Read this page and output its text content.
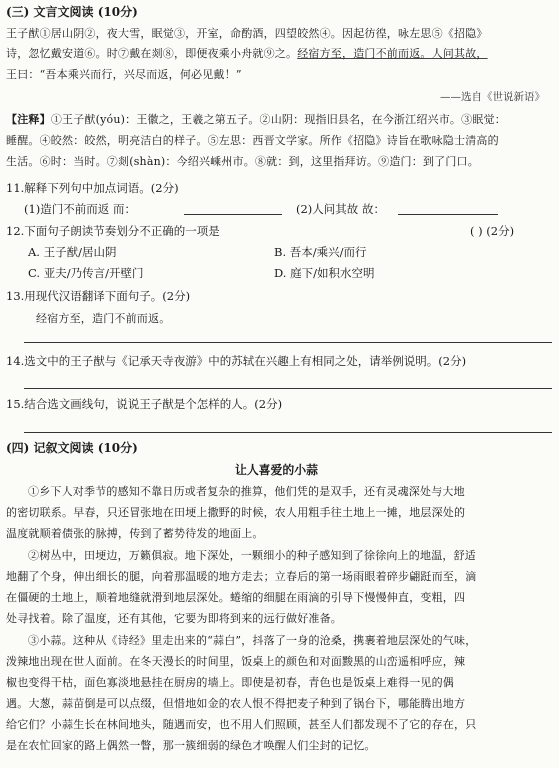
(三) 文言文阅读 (10分)
王子猷①居山阴②，夜大雪，眠觉③，开室，命酌酒，四望皎然④。因起彷徨，咏左思⑤《招隐》
诗，忽忆戴安道⑥。时⑦戴在剡⑧，即便夜乘小舟就⑨之。经宿方至，造门不前而返。人问其故，
王曰：“吾本乘兴而行，兴尽而返，何必见戴！”
——选自《世说新语》
【注释】①王子猷(yóu)：王徽之，王羲之第五子。②山阴：现指旧县名，在今浙江绍兴市。③眠觉：
睡醒。④皎然：皎然，明亮洁白的样子。⑤左思：西晋文学家。所作《招隐》诗旨在歌咏隐士清高的
生活。⑥时：当时。⑦剡(shàn)：今绍兴嵊州市。⑧就：到，这里指拜访。⑨造门：到了门口。
11.解释下列句中加点词语。(2分)
(1)造门不前而返 而：	(2)人问其故 故：
12.下面句子朗读节奏划分不正确的一项是	( ) (2分)
A. 王子猷/居山阴	B. 吾本/乘兴/而行
C. 亚夫/乃传言/开壁门	D. 庭下/如积水空明
13.用现代汉语翻译下面句子。(2分)
经宿方至，造门不前而返。
14.选文中的王子猷与《记承天寺夜游》中的苏轼在兴趣上有相同之处，请举例说明。(2分)
15.结合选文画线句，说说王子猷是个怎样的人。(2分)
(四) 记叙文阅读 (10分)
让人喜爱的小蒜
①乡下人对季节的感知不靠日历或者复杂的推算，他们凭的是双手，还有灵魂深处与大地
的密切联系。早春，只还冒张地在田埂上撒野的时候，农人用粗手往土地上一摊，地层深处的
温度就顺着债张的脉搏，传到了蓄势待发的地面上。
②树丛中，田埂边，万籁俱寂。地下深处，一颗细小的种子感知到了徐徐向上的地温，舒适
地翻了个身，伸出细长的腿，向着那温暖的地方走去；立春后的第一场雨眼着碎步翩跹而至，滴
在僵硬的土地上，顺着地缝就滑到地层深处。蜷缩的细腿在雨滴的引导下慢慢伸直，变粗，四
处寻找着。除了温度，还有其他，它要为即将到来的远行做好准备。
③小蒜。这种从《诗经》里走出来的“蒜白”，抖落了一身的沧桑，携裹着地层深处的气味，
泼辣地出现在世人面前。在冬天漫长的时间里，饭桌上的颜色和对面黢黑的山峦遥相呼应，辣
椒也变得干枯，面色寡淡地悬挂在厨房的墙上。即使是初春，青色也是饭桌上难得一见的偶
遇。大葱，蒜苗倒是可以点缀，但惜地如金的农人恨不得把麦子种到了锅台下，哪能腾出地方
给它们？小蒜生长在林间地头，随遇而安，也不用人们照顾，甚至人们都发现不了它的存在，只
是在农忙回家的路上偶然一瞥，那一簇细弱的绿色才唤醒人们尘封的记忆。
